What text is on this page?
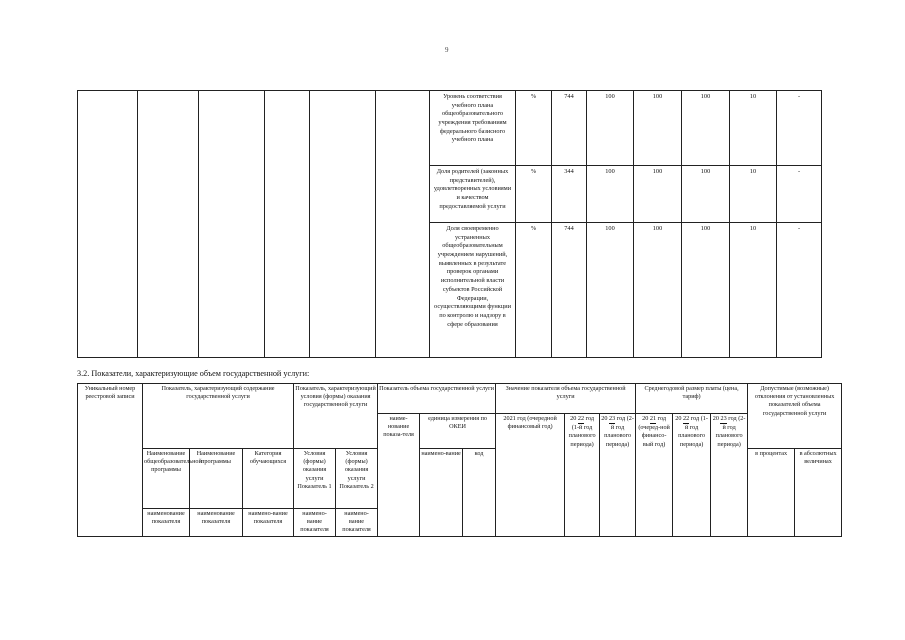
9
						Уровень соответствия учебного плана общеобразовательного учреждения требованиям федерального базисного учебного плана	%	744	100	100	100	10	-
						Доля родителей (законных представителей), удовлетворенных условиями и качеством предоставляемой услуги	%	344	100	100	100	10	-
						Доля своевременно устраненных общеобразовательным учреждением нарушений, выявленных в результате проверок органами исполнительной власти субъектов Российской Федерации, осуществляющими функции по контролю и надзору в сфере образования	%	744	100	100	100	10	-
3.2. Показатели, характеризующие объем государственной услуги:
Уникальный номер реестровой записи	Показатель, характеризующий содержание государственной услуги			Показатель, характеризующий условия (формы) оказания государственной услуги		Показатель объема государственной услуги			Значение показателя объема государственной услуги			Среднегодовой размер платы (цена, тариф)			Допустимые (возможные) отклонения от установленных показателей объема государственной услуги	
						наиме-нование показа-теля	единица измерения по ОКЕИ		2021 год (очередной финансовый год)	20 22 год (1-й год планового периода)	20 23 год (2-й год планового периода)	20 21 год (очеред-ной финансо-вый год)	20 22 год (1-й год планового периода)	20 23 год (2-й год планового периода)		
	Наименование общеобразовательной программы	Наименование программы	Категория обучающихся	Условия (формы) оказания услуги Показатель 1	Условия (формы) оказания услуги Показатель 2		наимено-вание	код							в процентах	в абсолютных величинах
	наименование показателя	наименование показателя	наимено-вание показателя	наимено-вание показателя	наимено-вание показателя											
